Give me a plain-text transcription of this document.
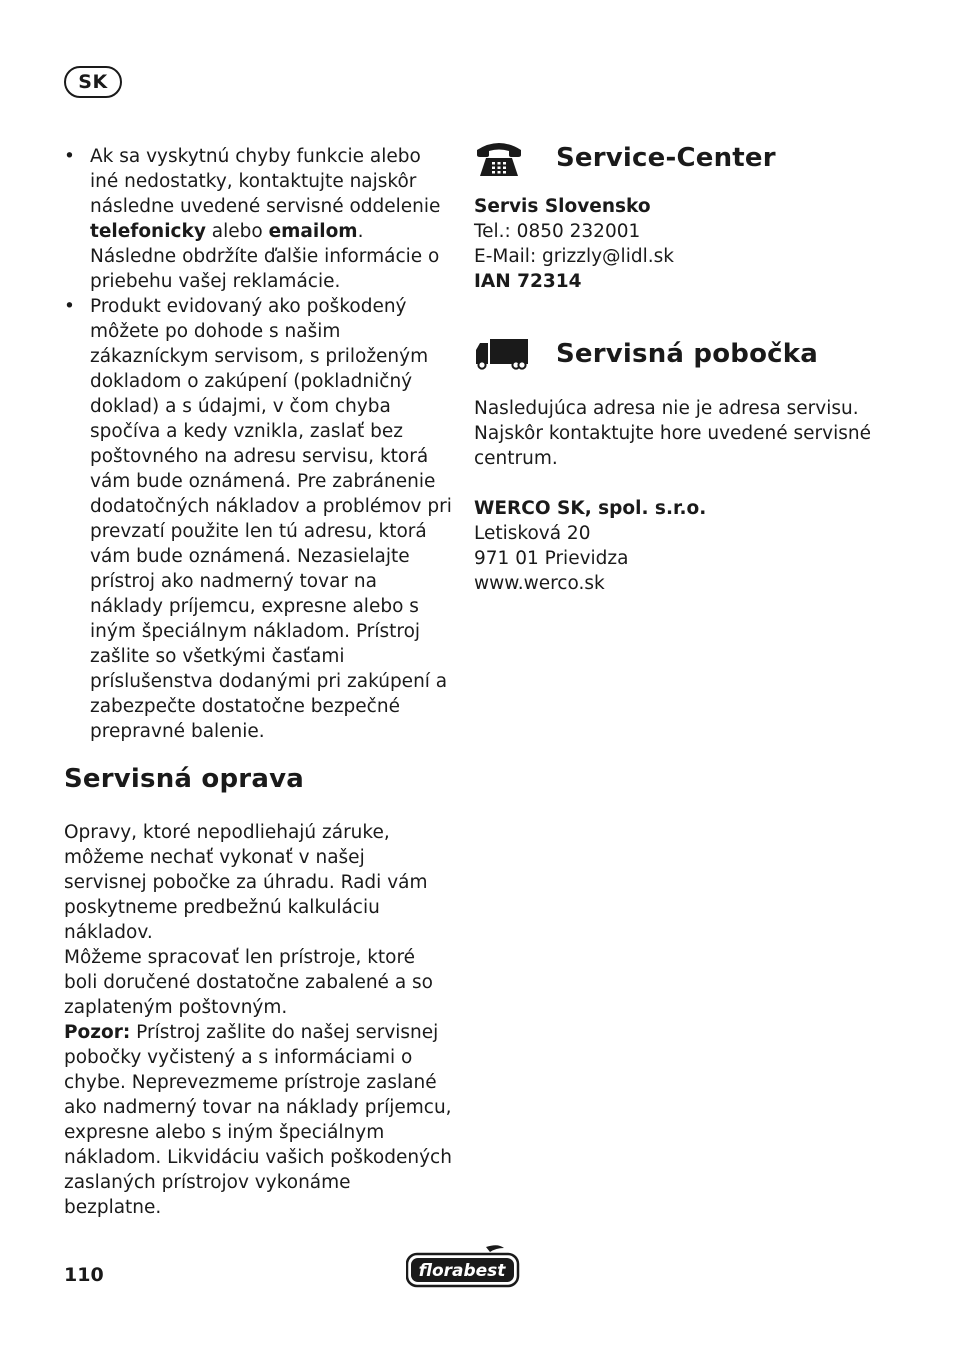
SK
• Ak sa vyskytnú chyby funkcie alebo iné nedostatky, kontaktujte najskôr následne uvedené servisné oddelenie telefonicky alebo emailom. Následne obdržíte ďalšie informácie o priebehu vašej reklamácie.
• Produkt evidovaný ako poškodený môžete po dohode s našim zákazníckym servisom, s priloženým dokladom o zakúpení (pokladničný doklad) a s údajmi, v čom chyba spočíva a kedy vznikla, zaslať bez poštovného na adresu servisu, ktorá vám bude oznámená. Pre zabránenie dodatočných nákladov a problémov pri prevzatí použite len tú adresu, ktorá vám bude oznámená. Nezasielajte prístroj ako nadmerný tovar na náklady príjemcu, expresne alebo s iným špeciálnym nákladom. Prístroj zašlite so všetkými časťami príslušenstva dodanými pri zakúpení a zabezpečte dostatočne bezpečné prepravné balenie.
Servisná oprava

Opravy, ktoré nepodliehajú záruke, môžeme nechať vykonať v našej servisnej pobočke za úhradu. Radi vám poskytneme predbežnú kalkuláciu nákladov.

Môžeme spracovať len prístroje, ktoré boli doručené dostatočne zabalené a so zaplateným poštovným.

Pozor: Prístroj zašlite do našej servisnej pobočky vyčistený a s informáciami o chybe. Neprevezmeme prístroje zaslané ako nadmerný tovar na náklady príjemcu, expresne alebo s iným špeciálnym nákladom. Likvidáciu vašich poškodených zaslaných prístrojov vykonáme bezplatne.

Service-Center

Servis Slovensko

Tel.: 0850 232001

E-Mail: grizzly@lidl.sk

IAN 72314

Servisná pobočka

Nasledujúca adresa nie je adresa servisu. Najskôr kontaktujte hore uvedené servisné centrum.

WERCO SK, spol. s.r.o.

Letisková 20

971 01 Prievidza

www.werco.sk

110	florabest
